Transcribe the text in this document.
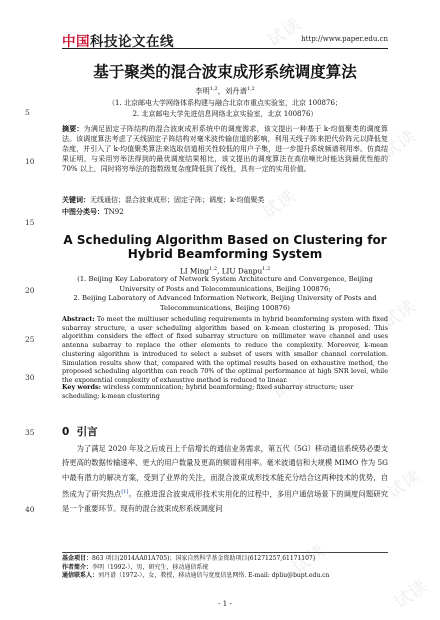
试读
试读
试读
试读
试读
试读
试读
试读
中国科技论文在线	http://www.paper.edu.cn
5
10
15
20
25
30
35
40
基于聚类的混合波束成形系统调度算法
李明$^{1,2}$，刘丹谱$^{1,2}$
（1. 北京邮电大学网络体系构建与融合北京市重点实验室，北京 100876；
2. 北京邮电大学先进信息网络北京实验室，北京 100876）
摘要：为满足固定子阵结构的混合波束成形系统中的调度需求，该文提出一种基于 k-均值聚类的调度算法。该调度算法考虑了天线固定子阵结构对毫米波传输信道的影响，利用天线子阵来把代价阵元以降低复杂度，并引入了 k-均值聚类算法来选取信道相关性较低的用户子集，进一步提升系统频谱利用率。仿真结果证明，与采用穷举法得到的最优调度结果相比，该文提出的调度算法在高信噪比时能达到最优性能的 70% 以上，同时将穷举法的指数级复杂度降低到了线性，具有一定的实用价值。
关键词：无线通信；混合波束成形；固定子阵；调度；k-均值聚类
中图分类号：TN92
A Scheduling Algorithm Based on Clustering for Hybrid Beamforming System
LI Ming$^{1,2}$, LIU Danpu$^{1,2}$
(1. Beijing Key Laboratory of Network System Architecture and Convergence, Beijing University of Posts and Telecommunications, Beijing 100876;
2. Beijing Laboratory of Advanced Information Network, Beijing University of Posts and Telecommunications, Beijing 100876)
Abstract: To meet the multiuser scheduling requirements in hybrid beamforming system with fixed subarray structure, a user scheduling algorithm based on k-mean clustering is proposed. This algorithm considers the effect of fixed subarray structure on millimeter wave channel and uses antenna subarray to replace the other elements to reduce the complexity. Moreover, k-mean clustering algorithm is introduced to select a subset of users with smaller channel correlation. Simulation results show that, compared with the optimal results based on exhaustive method, the proposed scheduling algorithm can reach 70% of the optimal performance at high SNR level, while the exponential complexity of exhaustive method is reduced to linear.
Key words: wireless communication; hybrid beamforming; fixed subarray structure; user scheduling; k-mean clustering
0 引言
  为了满足 2020 年及之后成百上千倍增长的通信业务需求，第五代（5G）移动通信系统势必要支持更高的数据传输速率、更大的用户数量及更高的频谱利用率。毫米波通信和大规模 MIMO 作为 5G 中最有潜力的解决方案，受到了业界的关注，而混合波束成形技术能充分结合这两种技术的优势，自然成为了研究热点[1]。在推进混合波束成形技术实用化的过程中，多用户通信场景下的调度问题研究是一个重要环节。现有的混合波束成形系统调度问
基金项目：863 项目(2014AA01A705)；国家自然科学基金资助项目(61271257,61171107)
作者简介：李明（1992-），男，研究生，移动通信系统
通信联系人：刘丹谱（1972-），女，教授，移动通信与宽度信息网络. E-mail: dpliu@bupt.edu.cn
- 1 -
